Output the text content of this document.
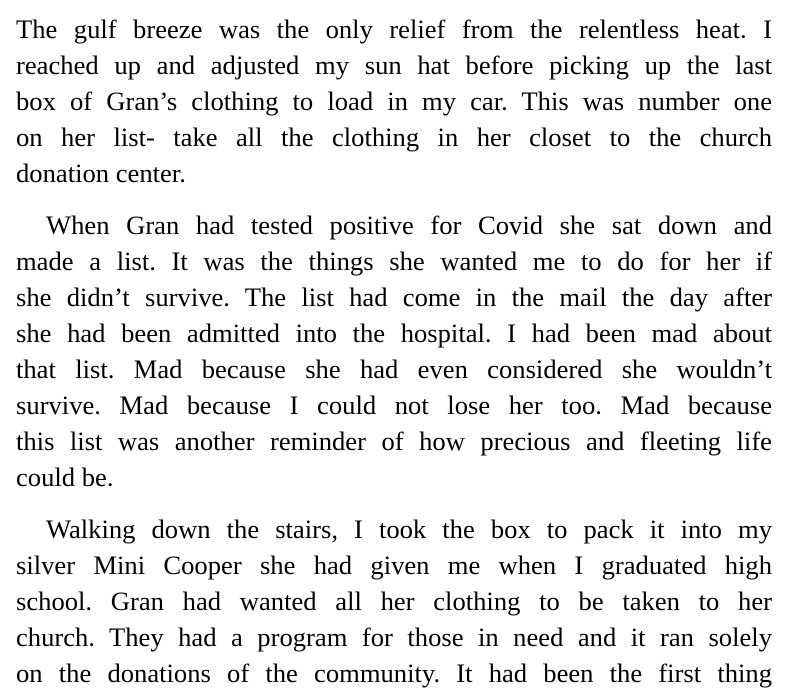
The gulf breeze was the only relief from the relentless heat. I
reached up and adjusted my sun hat before picking up the last
box of Gran’s clothing to load in my car. This was number one
on her list- take all the clothing in her closet to the church
donation center.
When Gran had tested positive for Covid she sat down and
made a list. It was the things she wanted me to do for her if
she didn’t survive. The list had come in the mail the day after
she had been admitted into the hospital. I had been mad about
that list. Mad because she had even considered she wouldn’t
survive. Mad because I could not lose her too. Mad because
this list was another reminder of how precious and fleeting life
could be.
Walking down the stairs, I took the box to pack it into my
silver Mini Cooper she had given me when I graduated high
school. Gran had wanted all her clothing to be taken to her
church. They had a program for those in need and it ran solely
on the donations of the community. It had been the first thing
